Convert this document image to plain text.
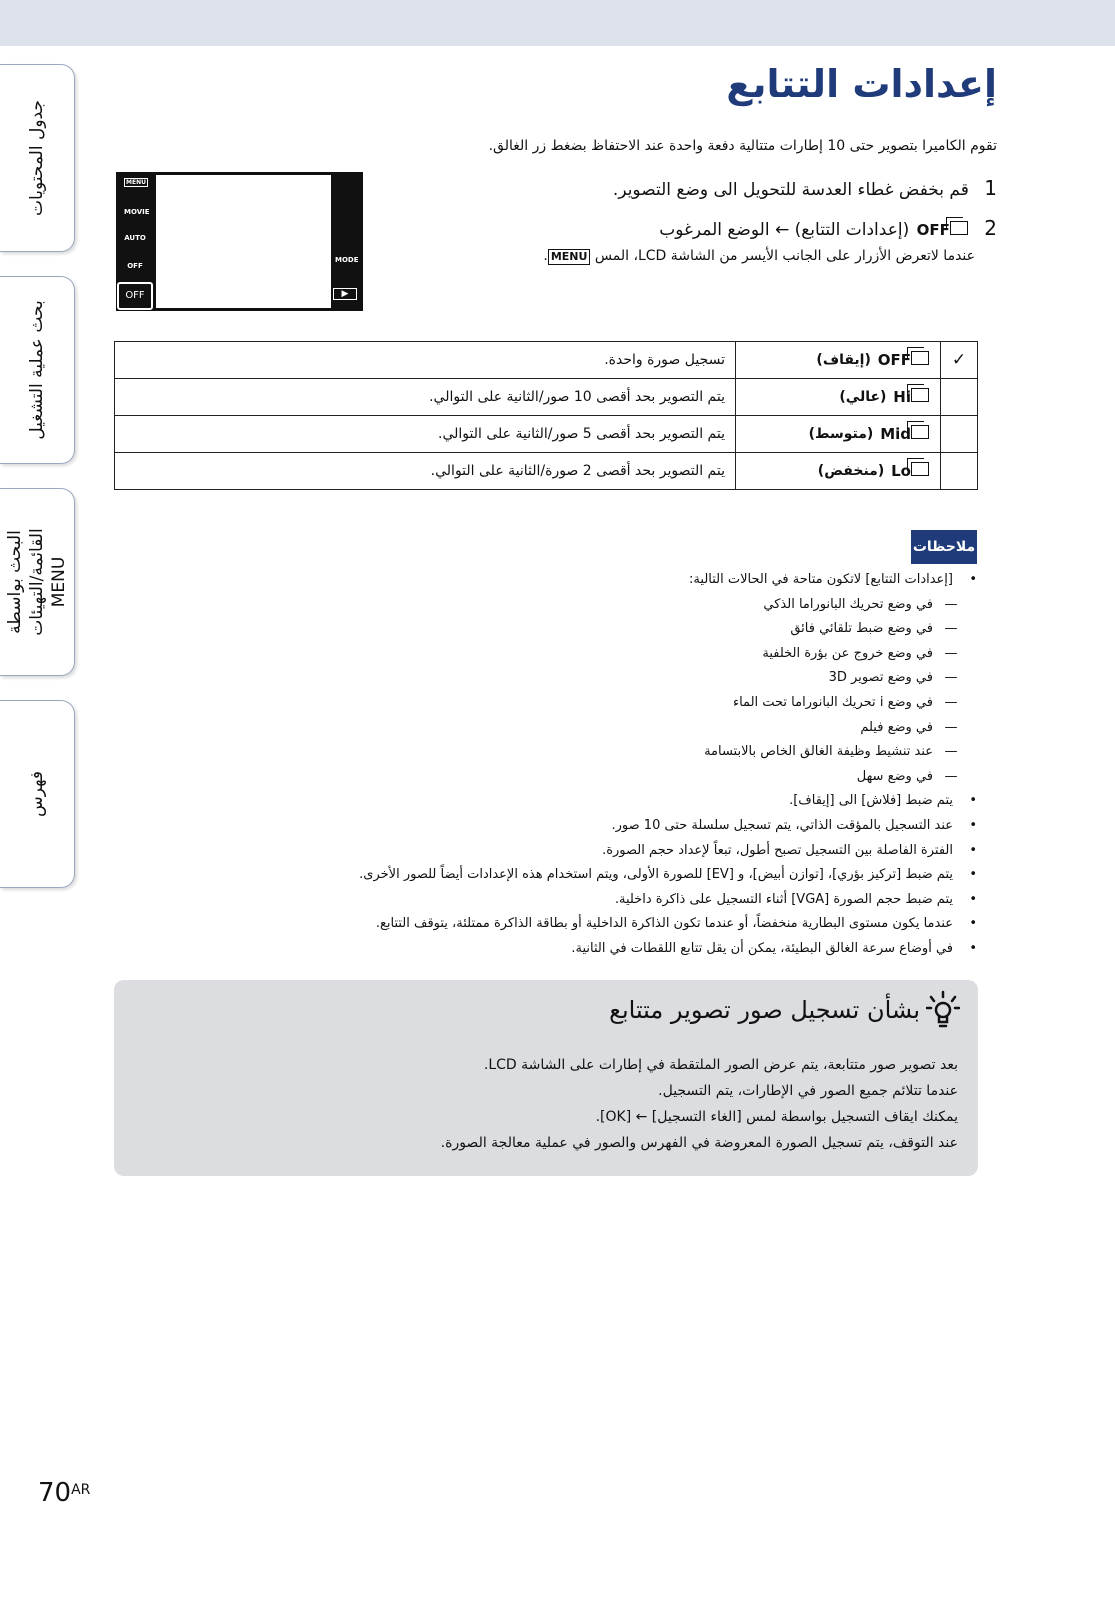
جدول المحتويات
بحث عملية التشغيل
البحث بواسطة القائمة/التهيئات MENU
فهرس
إعدادات التتابع
تقوم الكاميرا بتصوير حتى 10 إطارات متتالية دفعة واحدة عند الاحتفاظ بضغط زر الغالق.
1 قم بخفض غطاء العدسة للتحويل الى وضع التصوير.
2 OFF (إعدادات التتابع) ← الوضع المرغوب
عندما لاتعرض الأزرار على الجانب الأيسر من الشاشة LCD، المس MENU.
MENU
MOVIE
AUTO
OFF
OFF
MODE
▶
✓	OFF (إيقاف)	تسجيل صورة واحدة.
	Hi (عالي)	يتم التصوير بحد أقصى 10 صور/الثانية على التوالي.
	Mid (متوسط)	يتم التصوير بحد أقصى 5 صور/الثانية على التوالي.
	Lo (منخفض)	يتم التصوير بحد أقصى 2 صورة/الثانية على التوالي.
ملاحظات
• [إعدادات التتابع] لاتكون متاحة في الحالات التالية:
— في وضع تحريك البانوراما الذكي
— في وضع ضبط تلقائي فائق
— في وضع خروج عن بؤرة الخلفية
— في وضع تصوير 3D
— في وضع i تحريك البانوراما تحت الماء
— في وضع فيلم
— عند تنشيط وظيفة الغالق الخاص بالابتسامة
— في وضع سهل
• يتم ضبط [فلاش] الى [إيقاف].
• عند التسجيل بالمؤقت الذاتي، يتم تسجيل سلسلة حتى 10 صور.
• الفترة الفاصلة بين التسجيل تصبح أطول، تبعاً لإعداد حجم الصورة.
• يتم ضبط [تركيز بؤري]، [توازن أبيض]، و [EV] للصورة الأولى، ويتم استخدام هذه الإعدادات أيضاً للصور الأخرى.
• يتم ضبط حجم الصورة [VGA] أثناء التسجيل على ذاكرة داخلية.
• عندما يكون مستوى البطارية منخفضاً، أو عندما تكون الذاكرة الداخلية أو بطاقة الذاكرة ممتلئة، يتوقف التتابع.
• في أوضاع سرعة الغالق البطيئة، يمكن أن يقل تتابع اللقطات في الثانية.
بشأن تسجيل صور تصوير متتابع
بعد تصوير صور متتابعة، يتم عرض الصور الملتقطة في إطارات على الشاشة LCD.
عندما تتلائم جميع الصور في الإطارات، يتم التسجيل.
يمكنك ايقاف التسجيل بواسطة لمس [الغاء التسجيل] ← [OK].
عند التوقف، يتم تسجيل الصورة المعروضة في الفهرس والصور في عملية معالجة الصورة.
$70^{AR}$
